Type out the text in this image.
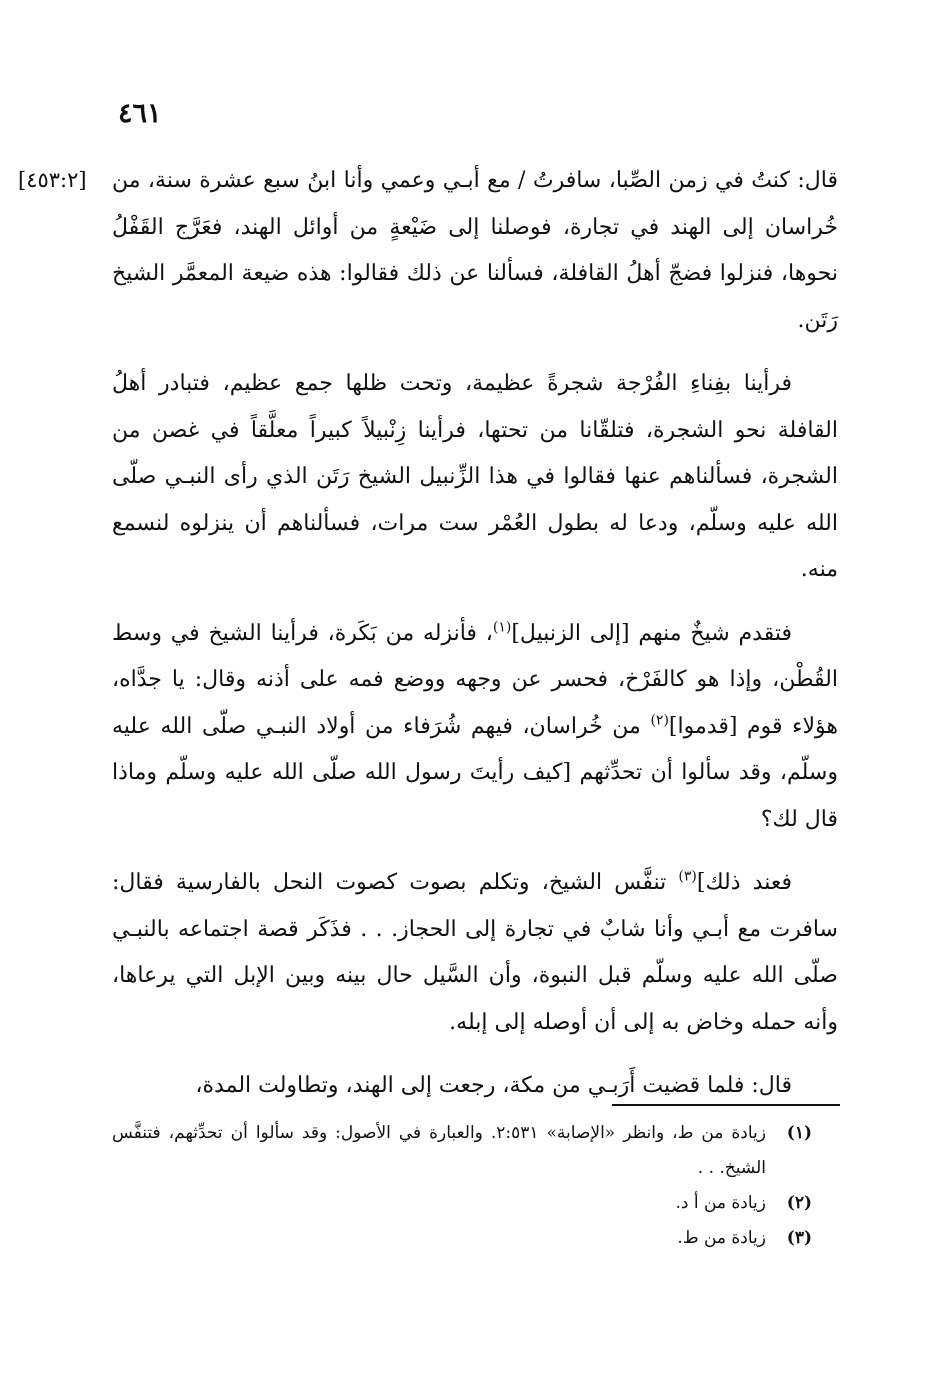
٤٦١
[٤٥٣:٢] قال: كنتُ في زمن الصِّبا، سافرتُ / مع أبـي وعمي وأنا ابنُ سبع عشرة سنة، من خُراسان إلى الهند في تجارة، فوصلنا إلى ضَيْعةٍ من أوائل الهند، فعَرَّج القَفْلُ نحوها، فنزلوا فضجّ أهلُ القافلة، فسألنا عن ذلك فقالوا: هذه ضيعة المعمَّر الشيخ رَتَن.

فرأينا بفِناءِ الفُرْجة شجرةً عظيمة، وتحت ظلها جمع عظيم، فتبادر أهلُ القافلة نحو الشجرة، فتلقّانا من تحتها، فرأينا زِنْبيلاً كبيراً معلَّقاً في غصن من الشجرة، فسألناهم عنها فقالوا في هذا الزِّنبيل الشيخ رَتَن الذي رأى النبـي صلّى الله عليه وسلّم، ودعا له بطول العُمْر ست مرات، فسألناهم أن ينزلوه لنسمع منه.

فتقدم شيخٌ منهم [إلى الزنبيل]$^{(١)}$، فأنزله من بَكَرة، فرأينا الشيخ في وسط القُطْن، وإذا هو كالفَرْخ، فحسر عن وجهه ووضع فمه على أذنه وقال: يا جدَّاه، هؤلاء قوم [قدموا]$^{(٢)}$ من خُراسان، فيهم شُرَفاء من أولاد النبـي صلّى الله عليه وسلّم، وقد سألوا أن تحدِّثهم [كيف رأيتَ رسول الله صلّى الله عليه وسلّم وماذا قال لك؟

فعند ذلك]$^{(٣)}$ تنفَّس الشيخ، وتكلم بصوت كصوت النحل بالفارسية فقال: سافرت مع أبـي وأنا شابٌ في تجارة إلى الحجاز. . . فذَكَر قصة اجتماعه بالنبـي صلّى الله عليه وسلّم قبل النبوة، وأن السَّيل حال بينه وبين الإبل التي يرعاها، وأنه حمله وخاض به إلى أن أوصله إلى إبله.

قال: فلما قضيت أَرَبـي من مكة، رجعت إلى الهند، وتطاولت المدة،

(١)
زيادة من ط، وانظر «الإصابة» ٢:٥٣١. والعبارة في الأصول: وقد سألوا أن تحدِّثهم، فتنفَّس الشيخ. . .

(٢)
زيادة من أ د.

(٣)
زيادة من ط.
